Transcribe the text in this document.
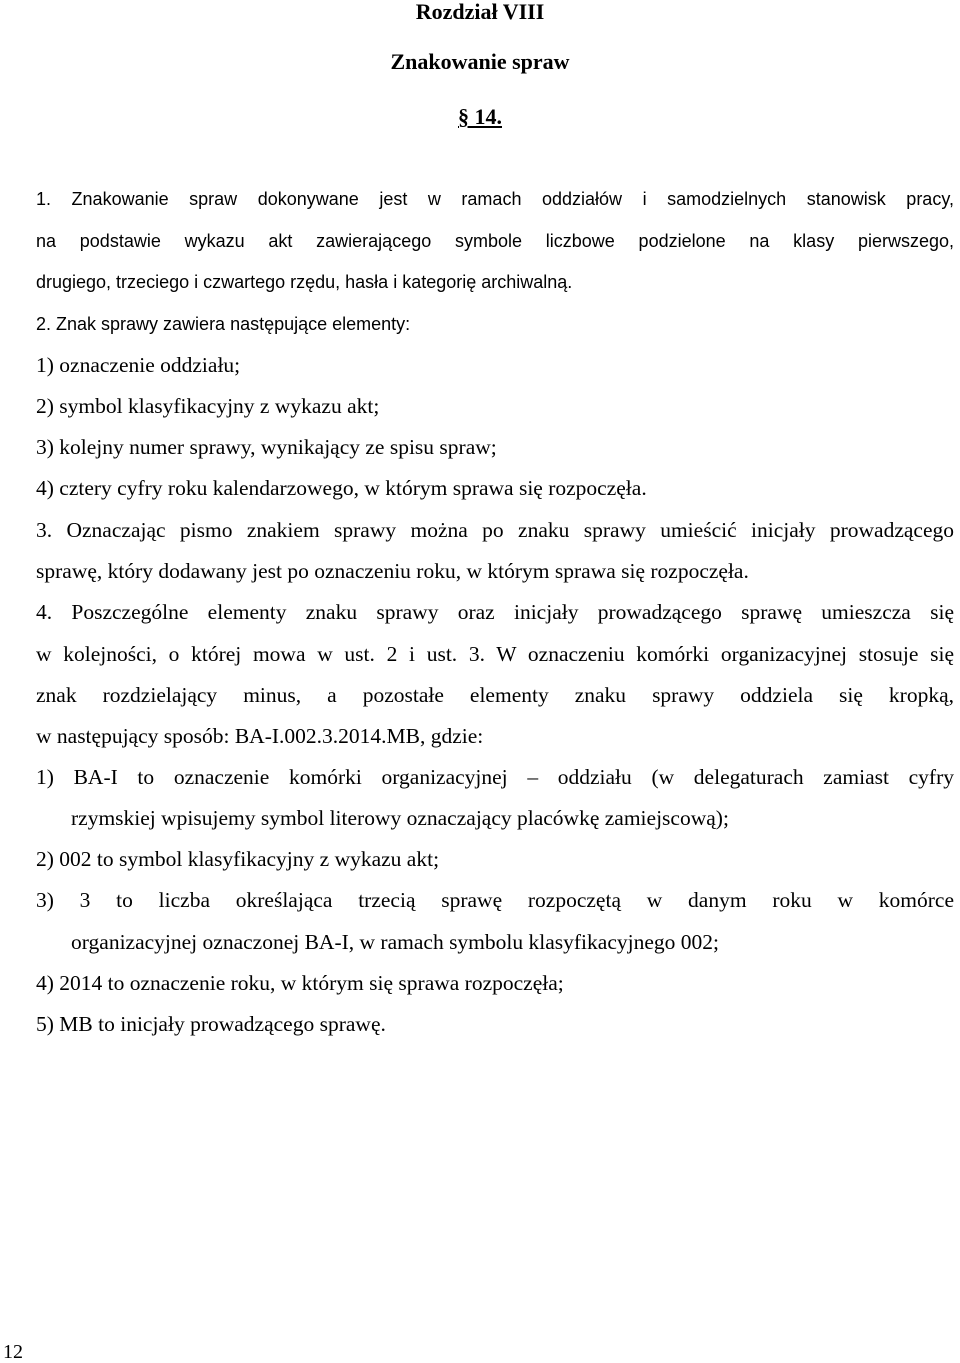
Rozdział VIII
Znakowanie spraw
§ 14.
1. Znakowanie spraw dokonywane jest w ramach oddziałów i samodzielnych stanowisk pracy,
na podstawie wykazu akt zawierającego symbole liczbowe podzielone na klasy pierwszego,
drugiego, trzeciego i czwartego rzędu, hasła i kategorię archiwalną.
2. Znak sprawy zawiera następujące elementy:
1) oznaczenie oddziału;
2) symbol klasyfikacyjny z wykazu akt;
3) kolejny numer sprawy, wynikający ze spisu spraw;
4) cztery cyfry roku kalendarzowego, w którym sprawa się rozpoczęła.
3. Oznaczając pismo znakiem sprawy można po znaku sprawy umieścić inicjały prowadzącego
sprawę, który dodawany jest po oznaczeniu roku, w którym sprawa się rozpoczęła.
4. Poszczególne elementy znaku sprawy oraz inicjały prowadzącego sprawę umieszcza się
w kolejności, o której mowa w ust. 2 i ust. 3. W oznaczeniu komórki organizacyjnej stosuje się
znak rozdzielający minus, a pozostałe elementy znaku sprawy oddziela się kropką,
w następujący sposób: BA-I.002.3.2014.MB, gdzie:
1) BA-I to oznaczenie komórki organizacyjnej – oddziału (w delegaturach zamiast cyfry
rzymskiej wpisujemy symbol literowy oznaczający placówkę zamiejscową);
2) 002 to symbol klasyfikacyjny z wykazu akt;
3) 3 to liczba określająca trzecią sprawę rozpoczętą w danym roku w komórce
organizacyjnej oznaczonej BA-I, w ramach symbolu klasyfikacyjnego 002;
4) 2014 to oznaczenie roku, w którym się sprawa rozpoczęła;
5) MB to inicjały prowadzącego sprawę.
12
